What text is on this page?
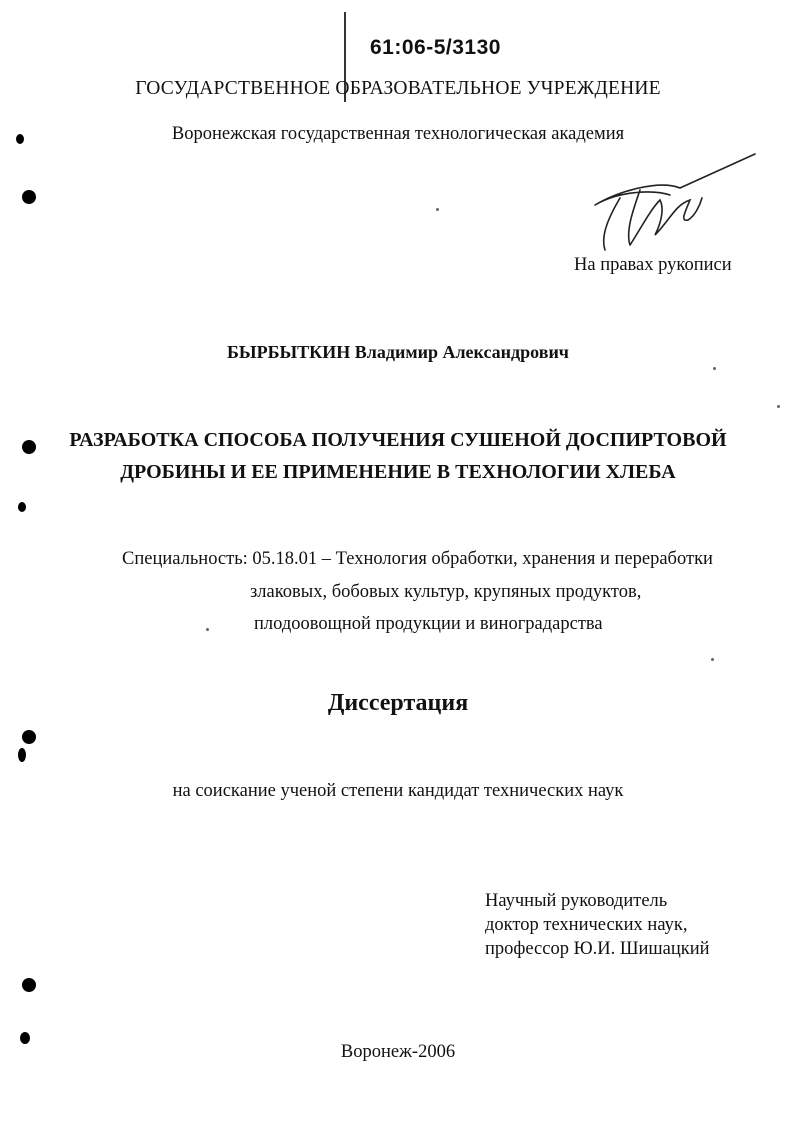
61:06-5/3130
ГОСУДАРСТВЕННОЕ ОБРАЗОВАТЕЛЬНОЕ УЧРЕЖДЕНИЕ
Воронежская государственная технологическая академия
На правах рукописи
БЫРБЫТКИН Владимир Александрович
РАЗРАБОТКА СПОСОБА ПОЛУЧЕНИЯ СУШЕНОЙ ДОСПИРТОВОЙ
ДРОБИНЫ И ЕЕ ПРИМЕНЕНИЕ В ТЕХНОЛОГИИ ХЛЕБА
Специальность: 05.18.01 – Технология обработки, хранения и переработки
злаковых, бобовых культур, крупяных продуктов,
плодоовощной продукции и виноградарства
Диссертация
на соискание ученой степени кандидат технических наук
Научный руководитель
доктор технических наук,
профессор Ю.И. Шишацкий
Воронеж-2006
